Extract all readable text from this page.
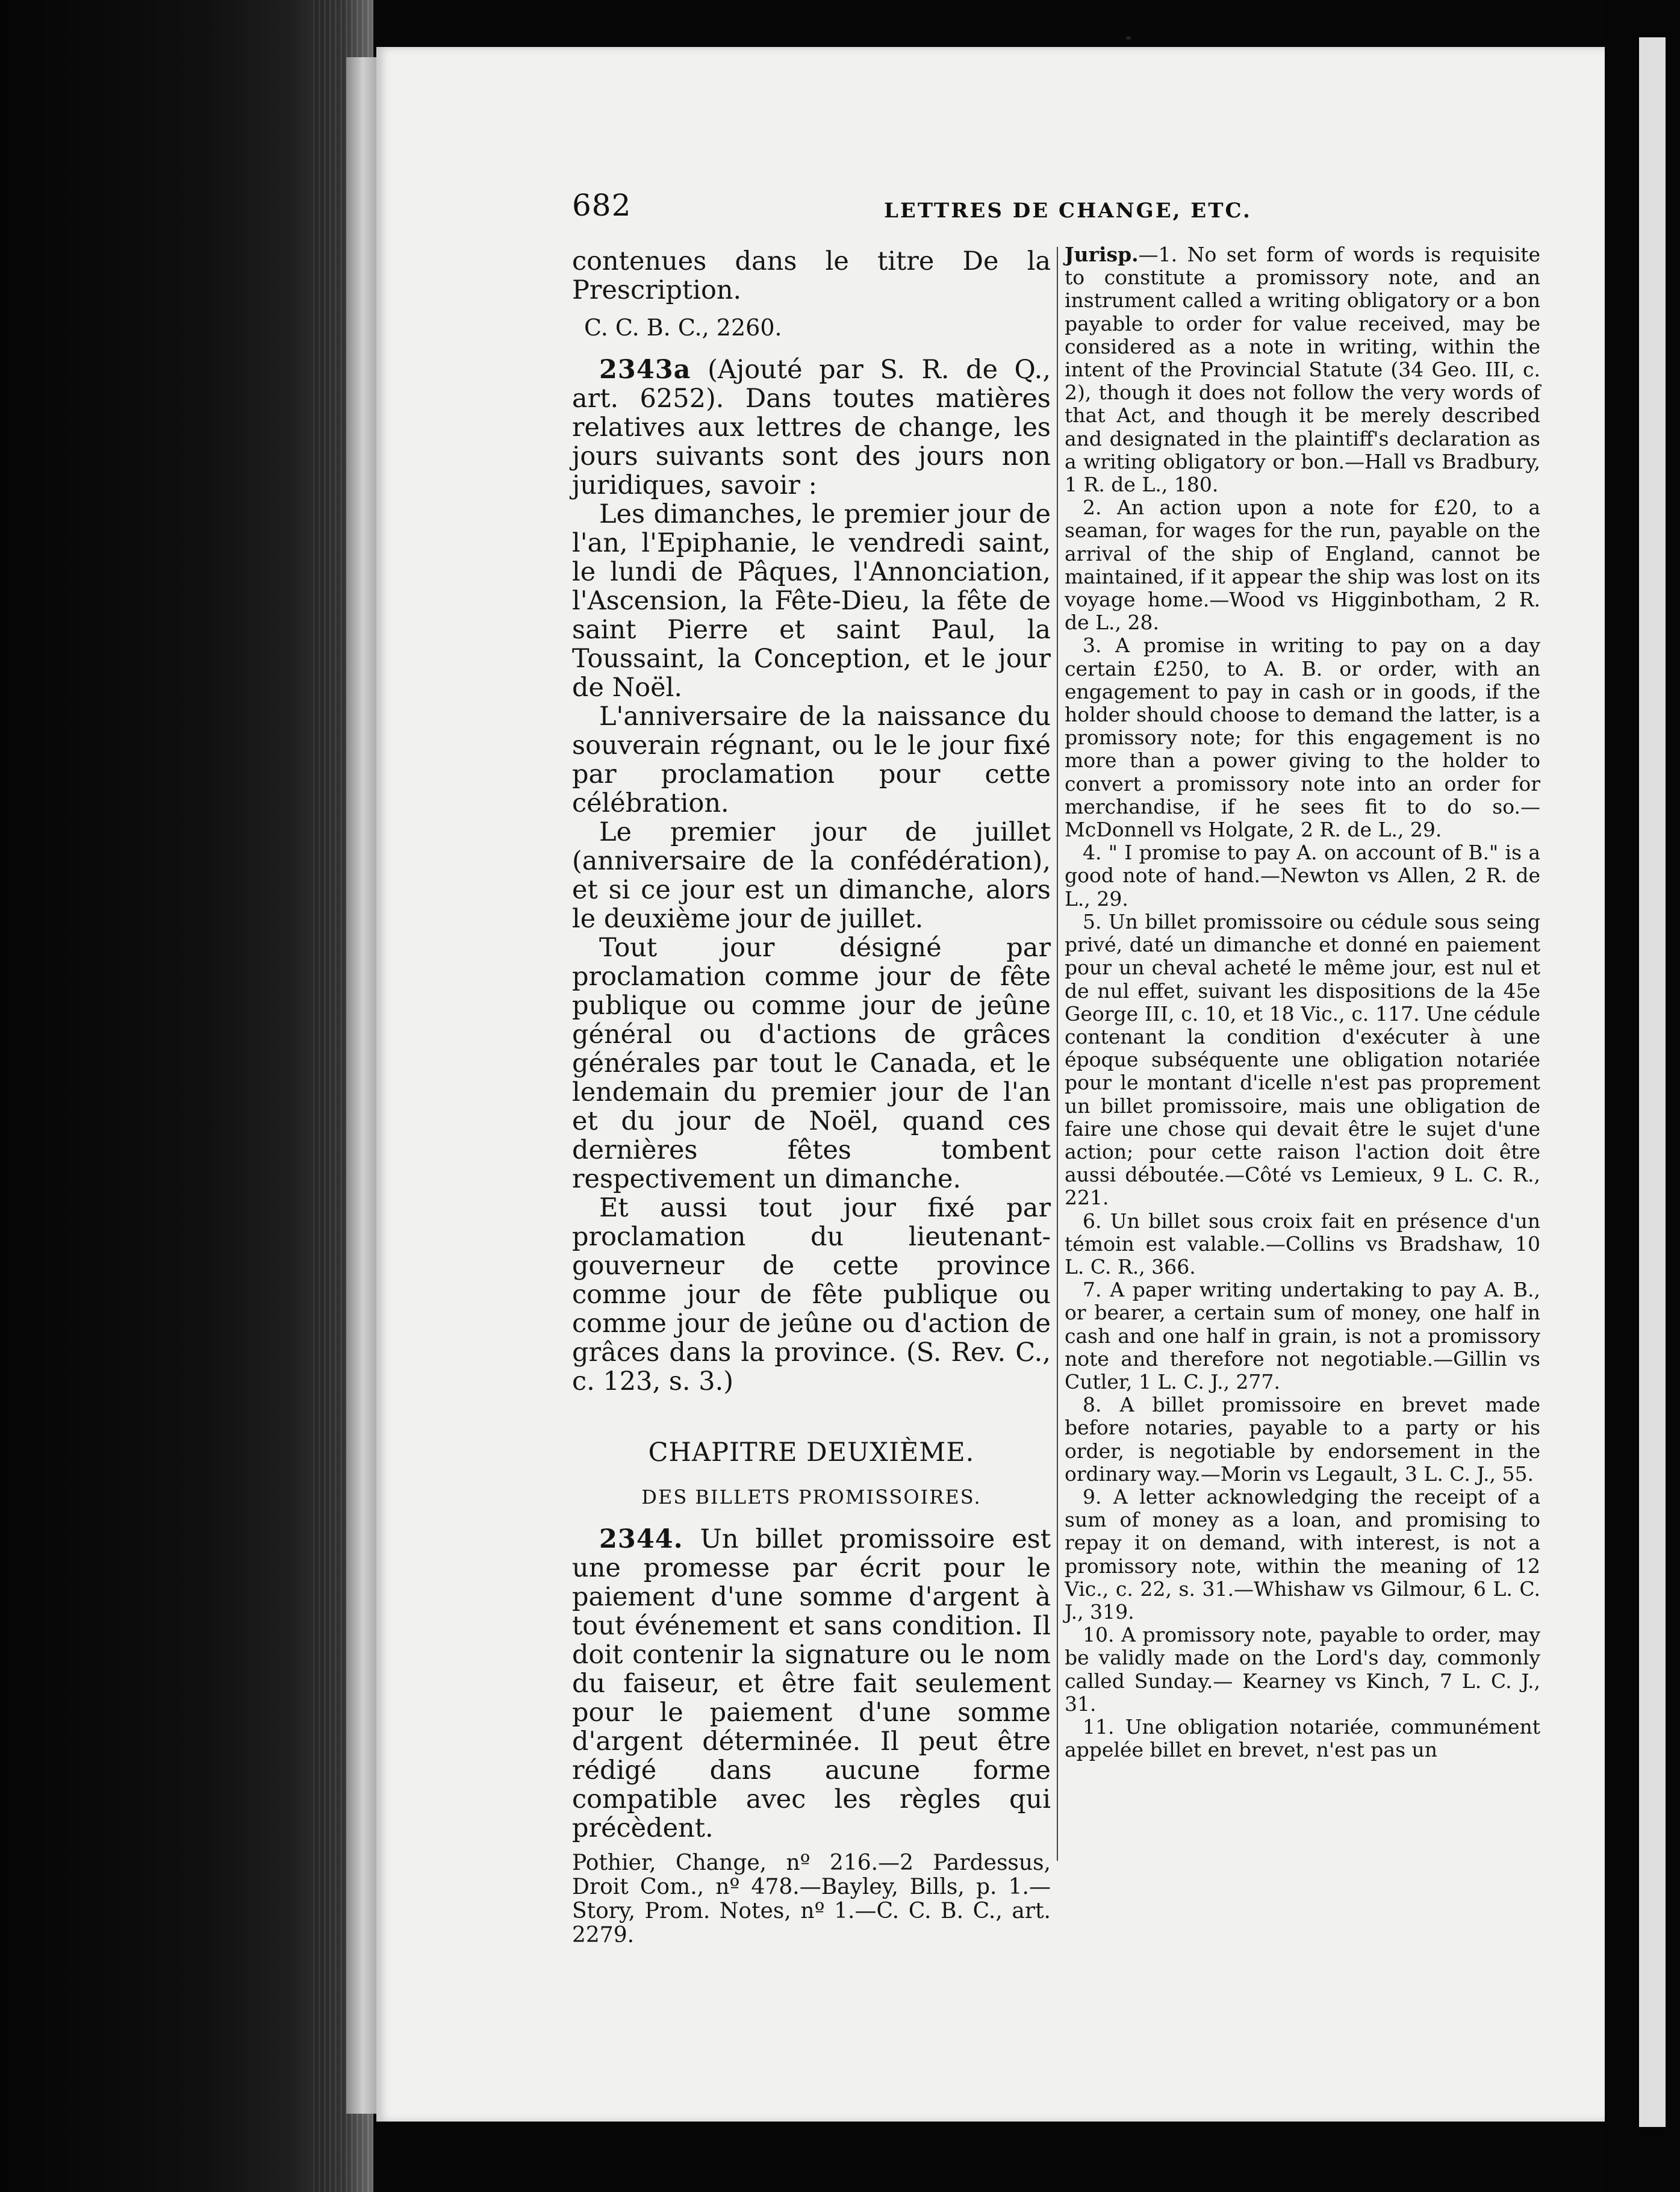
682	LETTRES DE CHANGE, ETC.

contenues dans le titre De la Prescription.

C. C. B. C., 2260.

2343a (Ajouté par S. R. de Q., art. 6252). Dans toutes matières relatives aux lettres de change, les jours suivants sont des jours non juridiques, savoir :

Les dimanches, le premier jour de l'an, l'Epiphanie, le vendredi saint, le lundi de Pâques, l'Annonciation, l'Ascension, la Fête-Dieu, la fête de saint Pierre et saint Paul, la Toussaint, la Conception, et le jour de Noël.

L'anniversaire de la naissance du souverain régnant, ou le le jour fixé par proclamation pour cette célébration.

Le premier jour de juillet (anniversaire de la confédération), et si ce jour est un dimanche, alors le deuxième jour de juillet.

Tout jour désigné par proclamation comme jour de fête publique ou comme jour de jeûne général ou d'actions de grâces générales par tout le Canada, et le lendemain du premier jour de l'an et du jour de Noël, quand ces dernières fêtes tombent respectivement un dimanche.

Et aussi tout jour fixé par proclamation du lieutenant-gouverneur de cette province comme jour de fête publique ou comme jour de jeûne ou d'action de grâces dans la province. (S. Rev. C., c. 123, s. 3.)

CHAPITRE DEUXIÈME.

DES BILLETS PROMISSOIRES.

2344. Un billet promissoire est une promesse par écrit pour le paiement d'une somme d'argent à tout événement et sans condition. Il doit contenir la signature ou le nom du faiseur, et être fait seulement pour le paiement d'une somme d'argent déterminée. Il peut être rédigé dans aucune forme compatible avec les règles qui précèdent.

Pothier, Change, nº 216.—2 Pardessus, Droit Com., nº 478.—Bayley, Bills, p. 1.—Story, Prom. Notes, nº 1.—C. C. B. C., art. 2279.

Jurisp.—1. No set form of words is requisite to constitute a promissory note, and an instrument called a writing obligatory or a bon payable to order for value received, may be considered as a note in writing, within the intent of the Provincial Statute (34 Geo. III, c. 2), though it does not follow the very words of that Act, and though it be merely described and designated in the plaintiff's declaration as a writing obligatory or bon.—Hall vs Bradbury, 1 R. de L., 180.

2. An action upon a note for £20, to a seaman, for wages for the run, payable on the arrival of the ship of England, cannot be maintained, if it appear the ship was lost on its voyage home.—Wood vs Higginbotham, 2 R. de L., 28.

3. A promise in writing to pay on a day certain £250, to A. B. or order, with an engagement to pay in cash or in goods, if the holder should choose to demand the latter, is a promissory note; for this engagement is no more than a power giving to the holder to convert a promissory note into an order for merchandise, if he sees fit to do so.—McDonnell vs Holgate, 2 R. de L., 29.

4. " I promise to pay A. on account of B." is a good note of hand.—Newton vs Allen, 2 R. de L., 29.

5. Un billet promissoire ou cédule sous seing privé, daté un dimanche et donné en paiement pour un cheval acheté le même jour, est nul et de nul effet, suivant les dispositions de la 45e George III, c. 10, et 18 Vic., c. 117. Une cédule contenant la condition d'exécuter à une époque subséquente une obligation notariée pour le montant d'icelle n'est pas proprement un billet promissoire, mais une obligation de faire une chose qui devait être le sujet d'une action; pour cette raison l'action doit être aussi déboutée.—Côté vs Lemieux, 9 L. C. R., 221.

6. Un billet sous croix fait en présence d'un témoin est valable.—Collins vs Bradshaw, 10 L. C. R., 366.

7. A paper writing undertaking to pay A. B., or bearer, a certain sum of money, one half in cash and one half in grain, is not a promissory note and therefore not negotiable.—Gillin vs Cutler, 1 L. C. J., 277.

8. A billet promissoire en brevet made before notaries, payable to a party or his order, is negotiable by endorsement in the ordinary way.—Morin vs Legault, 3 L. C. J., 55.

9. A letter acknowledging the receipt of a sum of money as a loan, and promising to repay it on demand, with interest, is not a promissory note, within the meaning of 12 Vic., c. 22, s. 31.—Whishaw vs Gilmour, 6 L. C. J., 319.

10. A promissory note, payable to order, may be validly made on the Lord's day, commonly called Sunday.— Kearney vs Kinch, 7 L. C. J., 31.

11. Une obligation notariée, communément appelée billet en brevet, n'est pas un
